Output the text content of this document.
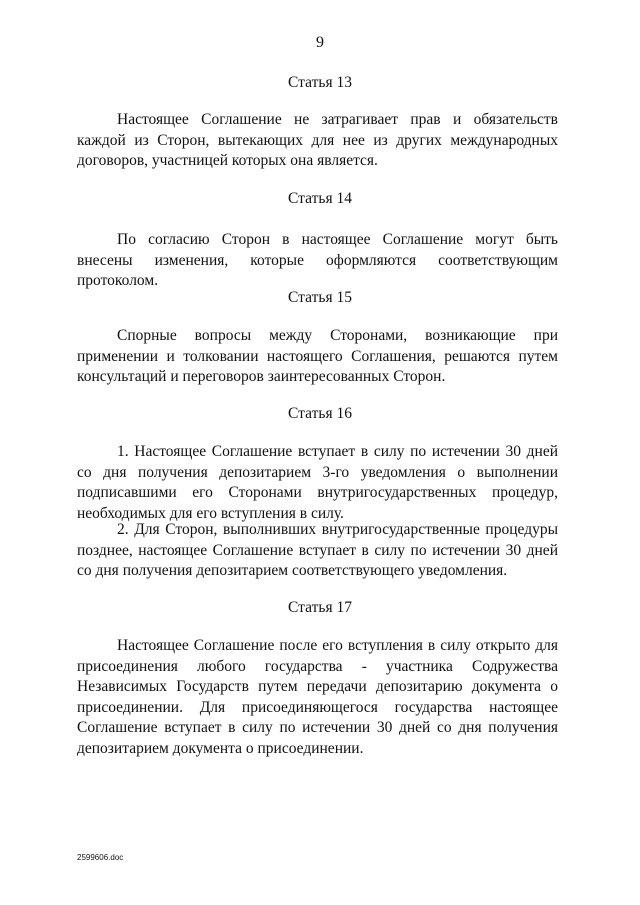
9
Статья 13

Настоящее Соглашение не затрагивает прав и обязательств каждой из Сторон, вытекающих для нее из других международных договоров, участницей которых она является.

Статья 14

По согласию Сторон в настоящее Соглашение могут быть внесены изменения, которые оформляются соответствующим протоколом.

Статья 15

Спорные вопросы между Сторонами, возникающие при применении и толковании настоящего Соглашения, решаются путем консультаций и переговоров заинтересованных Сторон.

Статья 16

1. Настоящее Соглашение вступает в силу по истечении 30 дней со дня получения депозитарием 3-го уведомления о выполнении подписавшими его Сторонами внутригосударственных процедур, необходимых для его вступления в силу.

2. Для Сторон, выполнивших внутригосударственные процедуры позднее, настоящее Соглашение вступает в силу по истечении 30 дней со дня получения депозитарием соответствующего уведомления.

Статья 17

Настоящее Соглашение после его вступления в силу открыто для присоединения любого государства - участника Содружества Независимых Государств путем передачи депозитарию документа о присоединении. Для присоединяющегося государства настоящее Соглашение вступает в силу по истечении 30 дней со дня получения депозитарием документа о присоединении.

2599606.doc
